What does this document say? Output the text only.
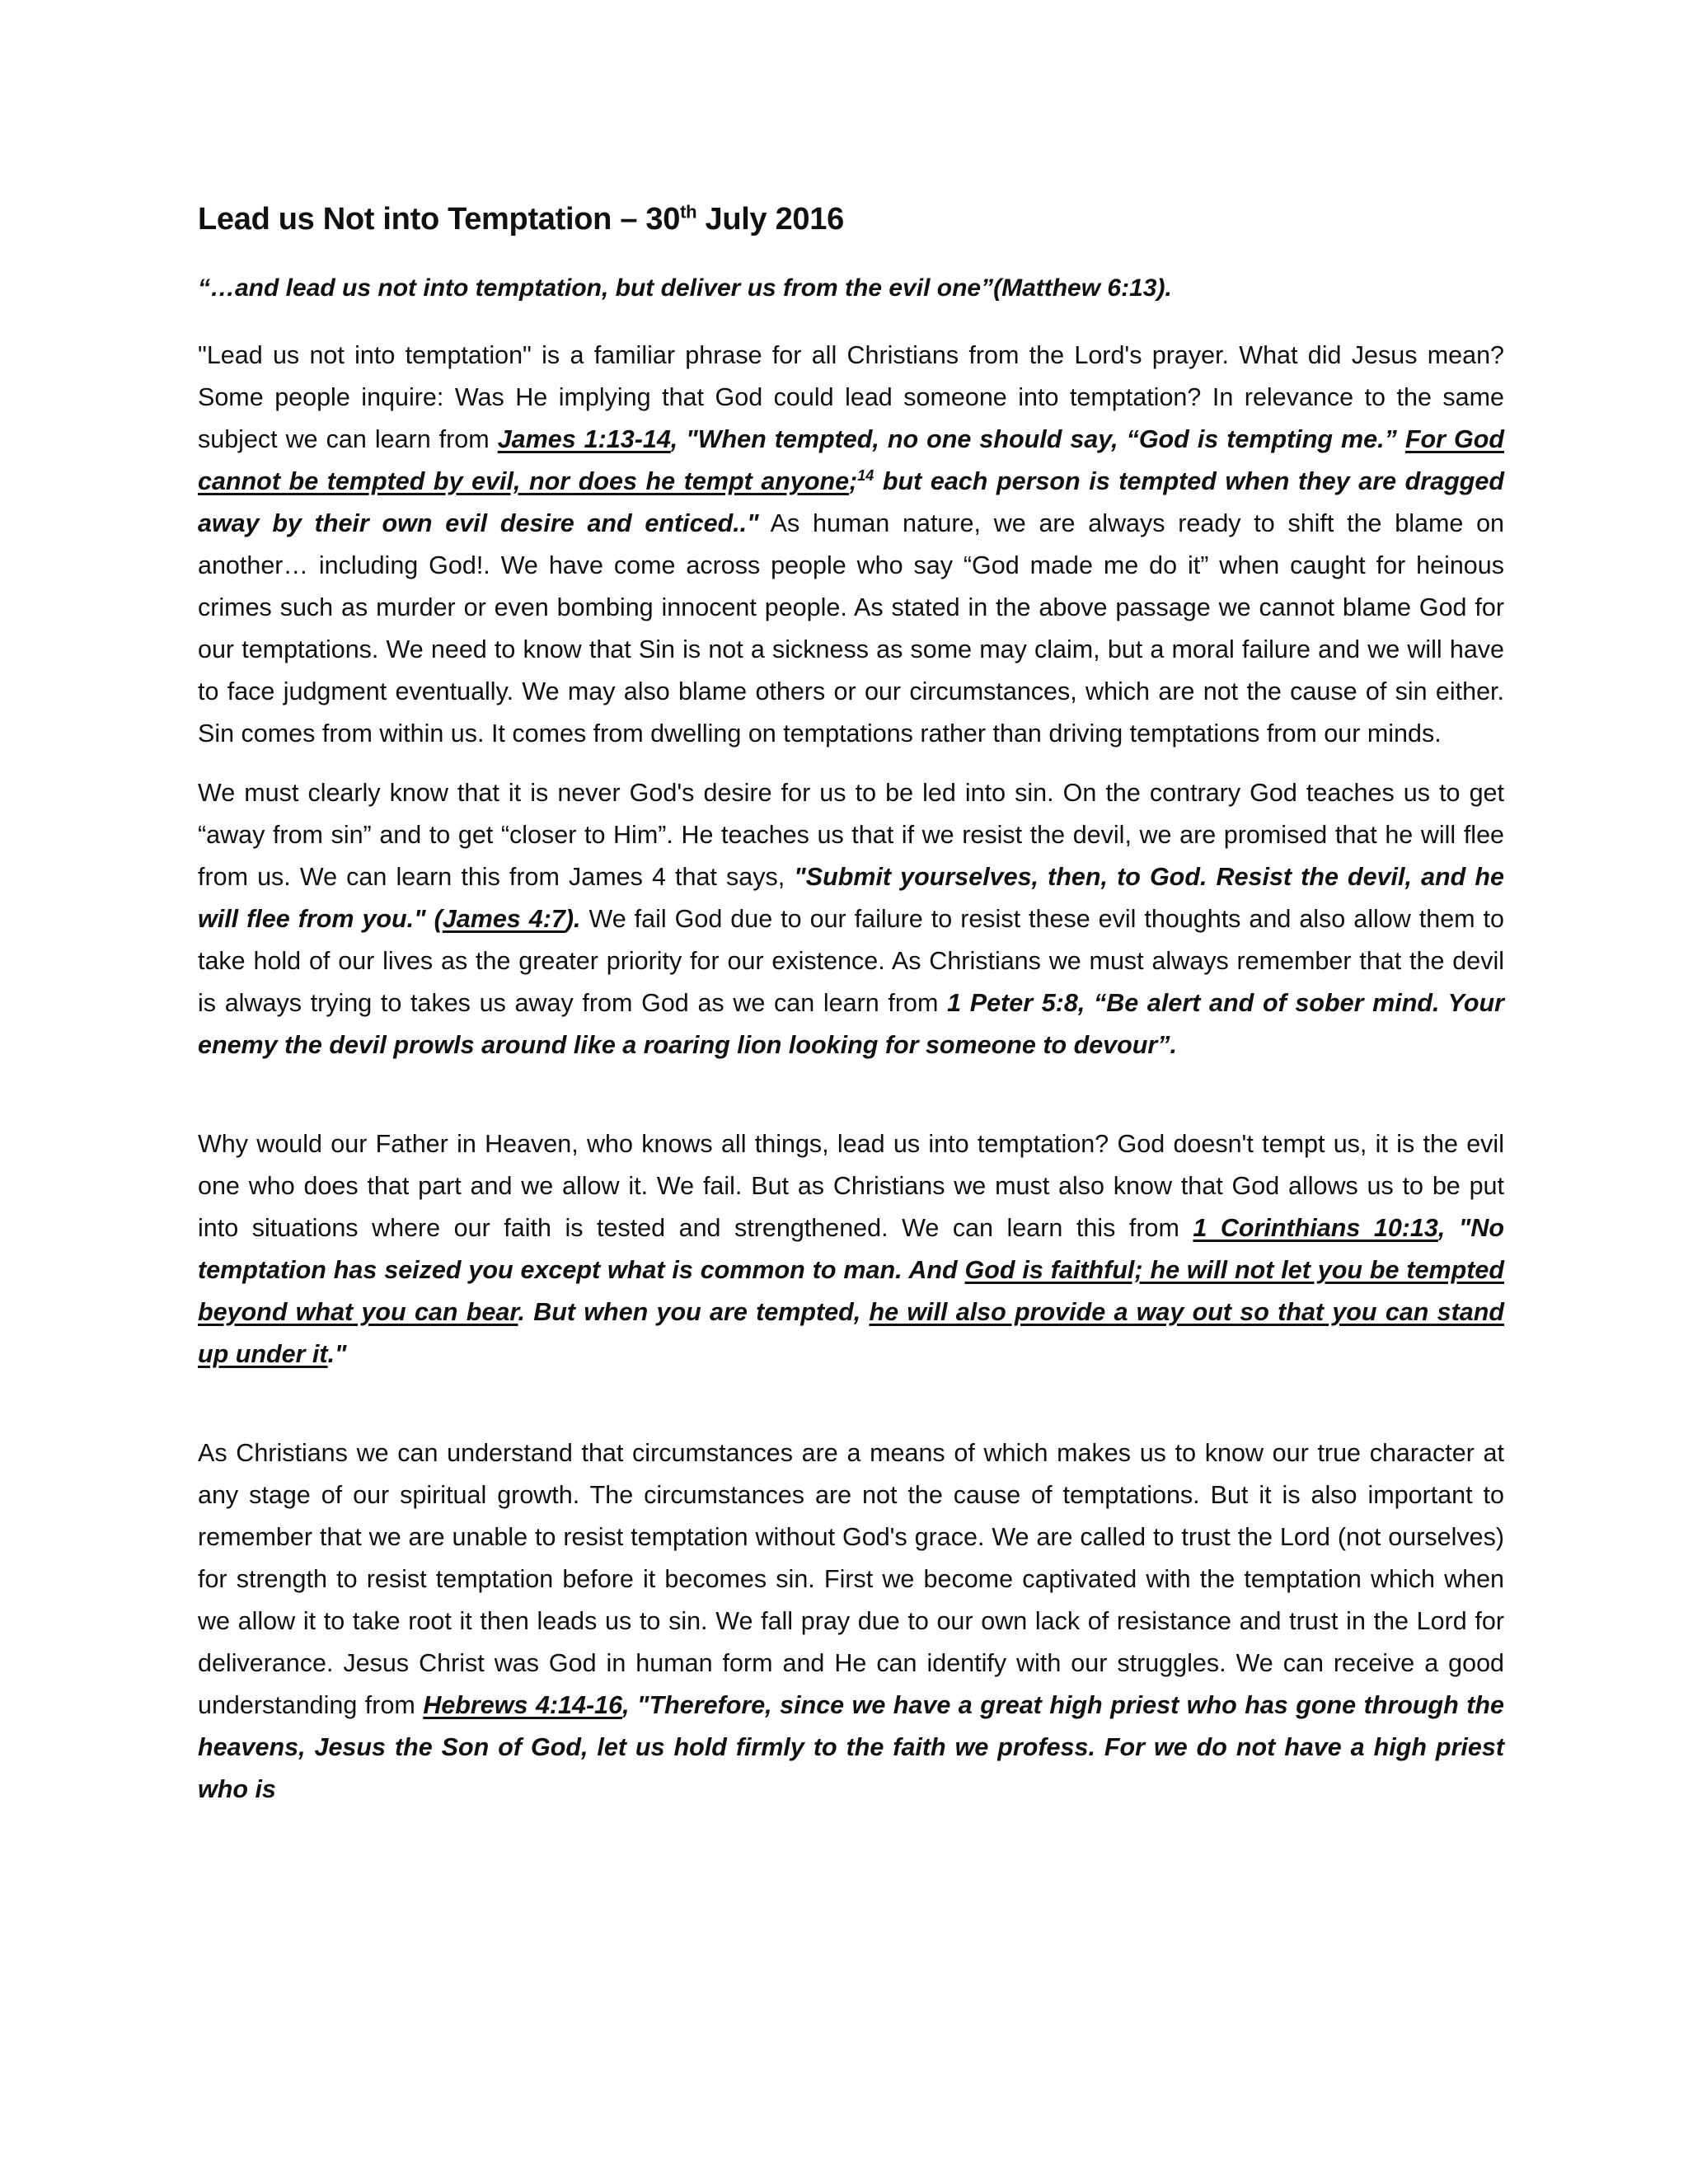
Lead us Not into Temptation – 30th July 2016
“…and lead us not into temptation, but deliver us from the evil one”(Matthew 6:13).

"Lead us not into temptation" is a familiar phrase for all Christians from the Lord's prayer. What did Jesus mean? Some people inquire: Was He implying that God could lead someone into temptation? In relevance to the same subject we can learn from James 1:13-14, "When tempted, no one should say, “God is tempting me.” For God cannot be tempted by evil, nor does he tempt anyone;$^{14}$ but each person is tempted when they are dragged away by their own evil desire and enticed.." As human nature, we are always ready to shift the blame on another… including God!. We have come across people who say “God made me do it” when caught for heinous crimes such as murder or even bombing innocent people. As stated in the above passage we cannot blame God for our temptations. We need to know that Sin is not a sickness as some may claim, but a moral failure and we will have to face judgment eventually. We may also blame others or our circumstances, which are not the cause of sin either. Sin comes from within us. It comes from dwelling on temptations rather than driving temptations from our minds.

We must clearly know that it is never God's desire for us to be led into sin. On the contrary God teaches us to get “away from sin” and to get “closer to Him”. He teaches us that if we resist the devil, we are promised that he will flee from us. We can learn this from James 4 that says, "Submit yourselves, then, to God. Resist the devil, and he will flee from you." (James 4:7). We fail God due to our failure to resist these evil thoughts and also allow them to take hold of our lives as the greater priority for our existence. As Christians we must always remember that the devil is always trying to takes us away from God as we can learn from 1 Peter 5:8, “Be alert and of sober mind. Your enemy the devil prowls around like a roaring lion looking for someone to devour”.

Why would our Father in Heaven, who knows all things, lead us into temptation? God doesn't tempt us, it is the evil one who does that part and we allow it. We fail. But as Christians we must also know that God allows us to be put into situations where our faith is tested and strengthened. We can learn this from 1 Corinthians 10:13, "No temptation has seized you except what is common to man. And God is faithful; he will not let you be tempted beyond what you can bear. But when you are tempted, he will also provide a way out so that you can stand up under it."

As Christians we can understand that circumstances are a means of which makes us to know our true character at any stage of our spiritual growth. The circumstances are not the cause of temptations. But it is also important to remember that we are unable to resist temptation without God's grace. We are called to trust the Lord (not ourselves) for strength to resist temptation before it becomes sin. First we become captivated with the temptation which when we allow it to take root it then leads us to sin. We fall pray due to our own lack of resistance and trust in the Lord for deliverance. Jesus Christ was God in human form and He can identify with our struggles. We can receive a good understanding from Hebrews 4:14-16, "Therefore, since we have a great high priest who has gone through the heavens, Jesus the Son of God, let us hold firmly to the faith we profess. For we do not have a high priest who is
